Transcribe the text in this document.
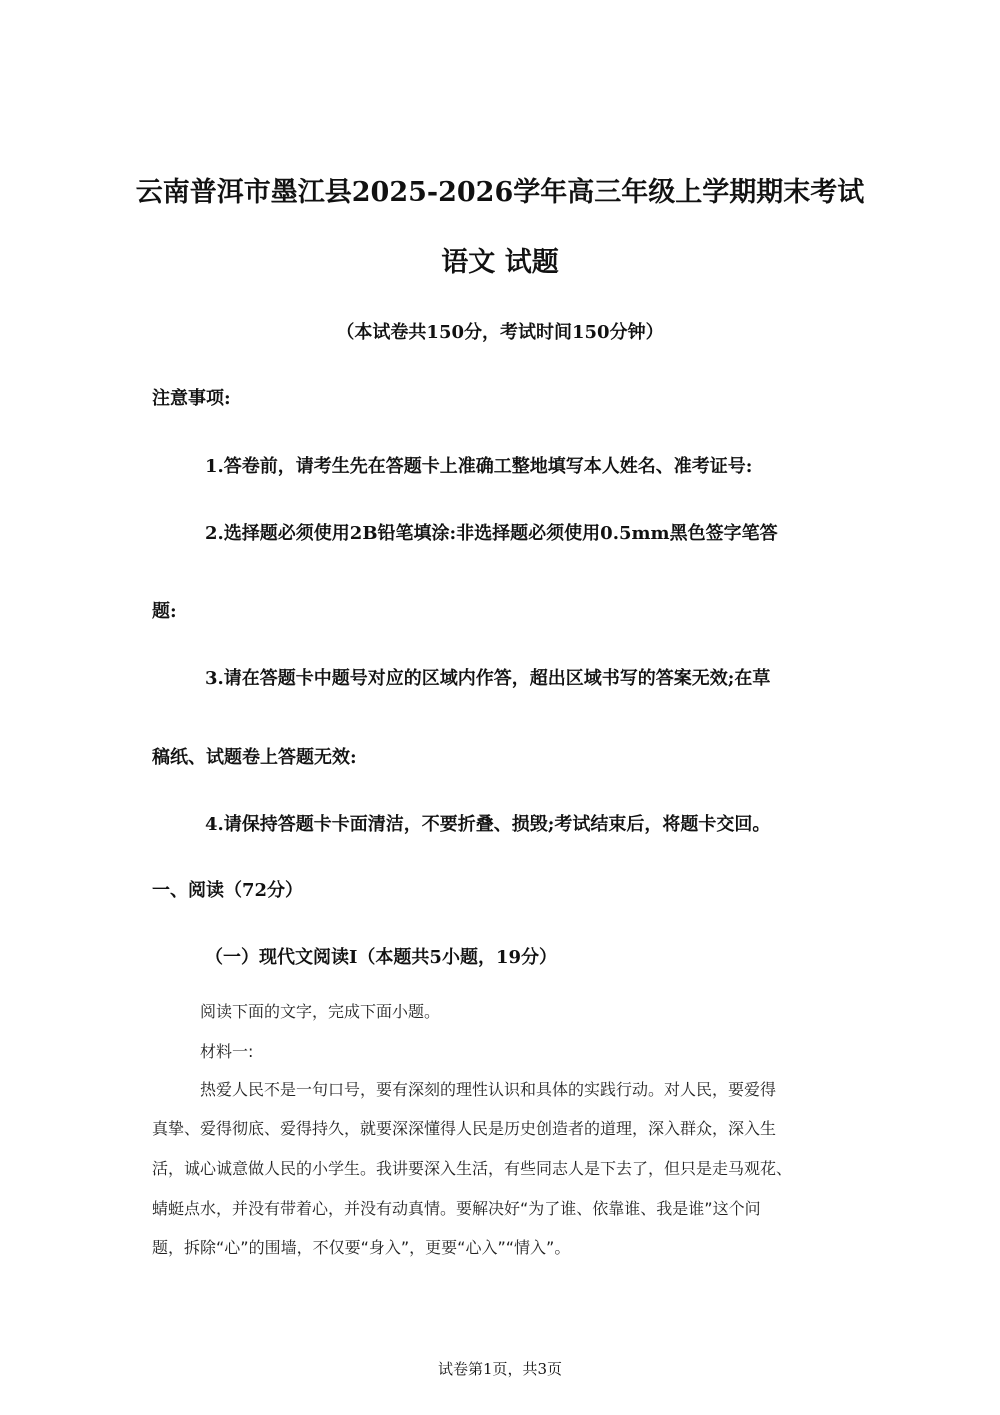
云南普洱市墨江县2025-2026学年高三年级上学期期末考试
语文 试题
（本试卷共150分，考试时间150分钟）
注意事项:
1.答卷前，请考生先在答题卡上准确工整地填写本人姓名、准考证号:
2.选择题必须使用2B铅笔填涂:非选择题必须使用0.5mm黑色签字笔答
题:
3.请在答题卡中题号对应的区域内作答，超出区域书写的答案无效;在草
稿纸、试题卷上答题无效:
4.请保持答题卡卡面清洁，不要折叠、损毁;考试结束后，将题卡交回。
一、阅读（72分）
（一）现代文阅读Ⅰ（本题共5小题，19分）
阅读下面的文字，完成下面小题。
材料一:
热爱人民不是一句口号，要有深刻的理性认识和具体的实践行动。对人民，要爱得
真挚、爱得彻底、爱得持久，就要深深懂得人民是历史创造者的道理，深入群众，深入生
活，诚心诚意做人民的小学生。我讲要深入生活，有些同志人是下去了，但只是走马观花、
蜻蜓点水，并没有带着心，并没有动真情。要解决好“为了谁、依靠谁、我是谁”这个问
题，拆除“心”的围墙，不仅要“身入”，更要“心入”“情入”。
试卷第1页，共3页
